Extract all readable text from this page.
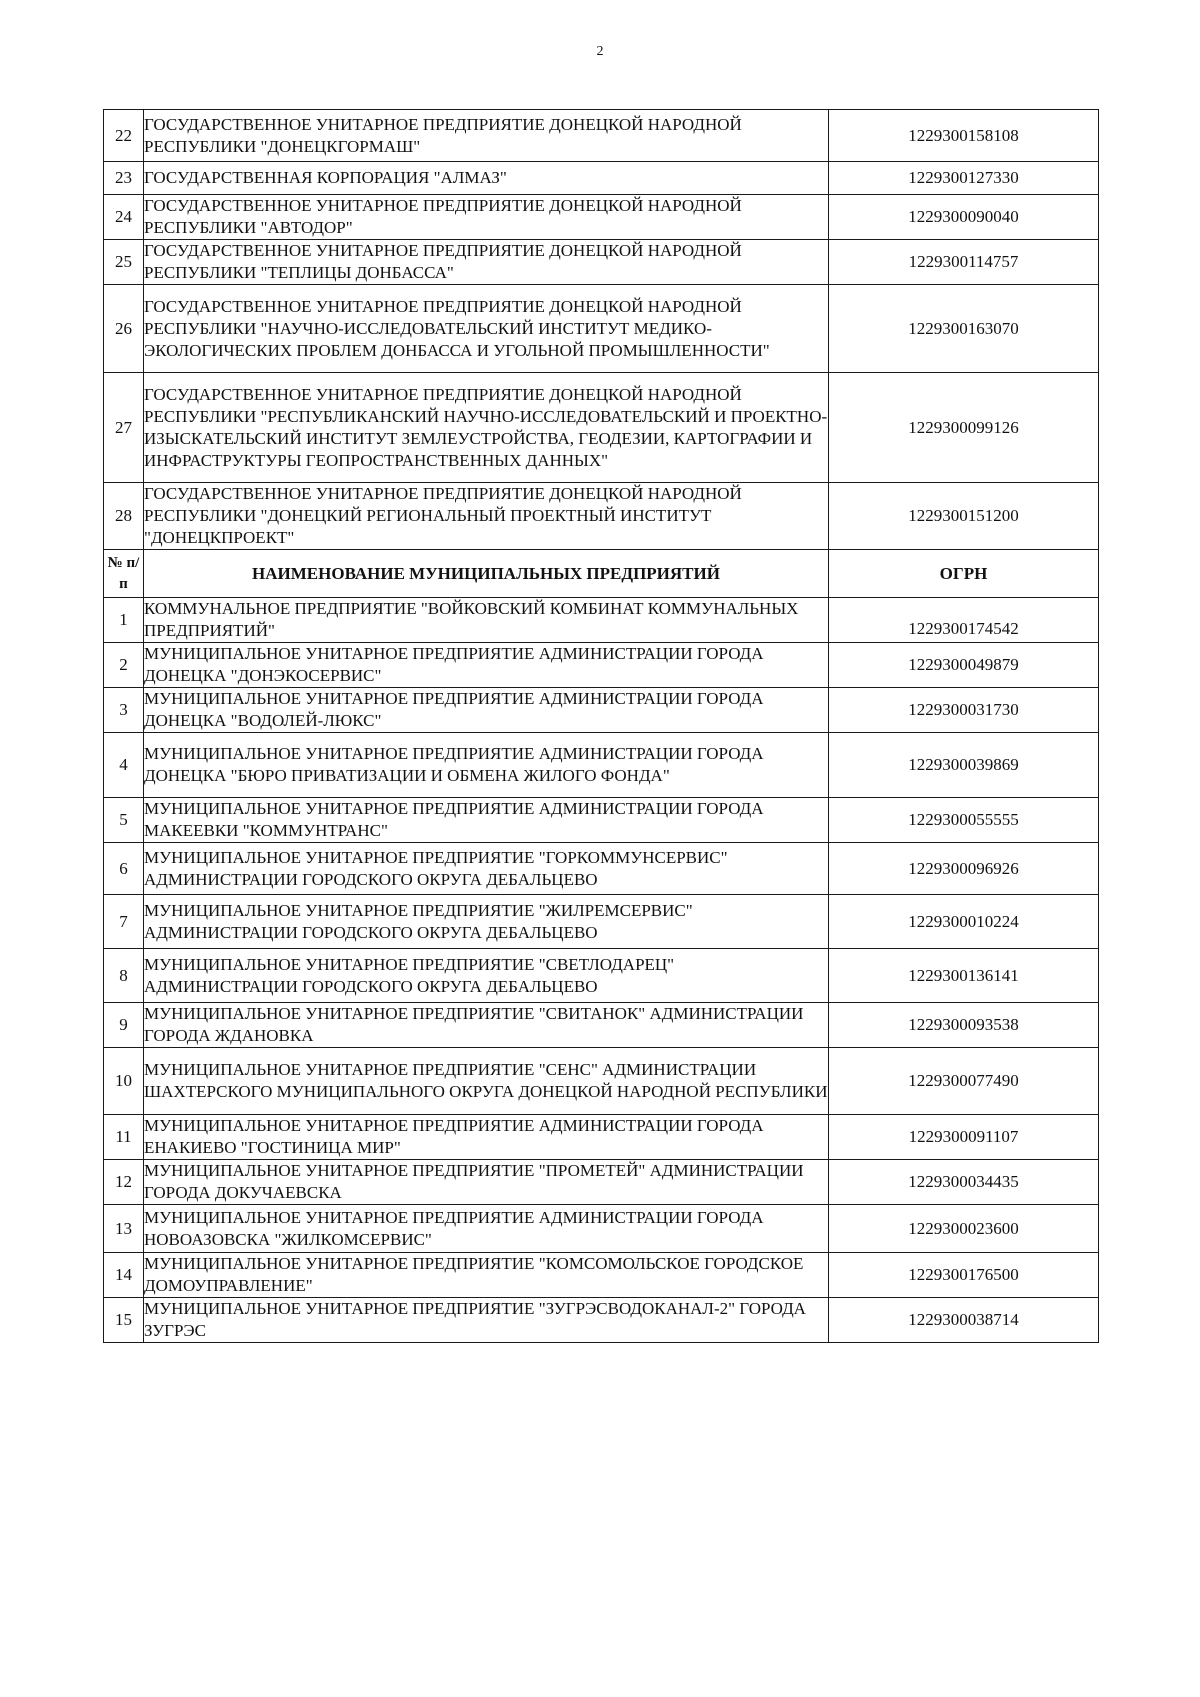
2
22	ГОСУДАРСТВЕННОЕ УНИТАРНОЕ ПРЕДПРИЯТИЕ ДОНЕЦКОЙ НАРОДНОЙ РЕСПУБЛИКИ "ДОНЕЦКГОРМАШ"	1229300158108
23	ГОСУДАРСТВЕННАЯ КОРПОРАЦИЯ "АЛМАЗ"	1229300127330
24	ГОСУДАРСТВЕННОЕ УНИТАРНОЕ ПРЕДПРИЯТИЕ ДОНЕЦКОЙ НАРОДНОЙ РЕСПУБЛИКИ "АВТОДОР"	1229300090040
25	ГОСУДАРСТВЕННОЕ УНИТАРНОЕ ПРЕДПРИЯТИЕ ДОНЕЦКОЙ НАРОДНОЙ РЕСПУБЛИКИ "ТЕПЛИЦЫ ДОНБАССА"	1229300114757
26	ГОСУДАРСТВЕННОЕ УНИТАРНОЕ ПРЕДПРИЯТИЕ ДОНЕЦКОЙ НАРОДНОЙ РЕСПУБЛИКИ "НАУЧНО-ИССЛЕДОВАТЕЛЬСКИЙ ИНСТИТУТ МЕДИКО-ЭКОЛОГИЧЕСКИХ ПРОБЛЕМ ДОНБАССА И УГОЛЬНОЙ ПРОМЫШЛЕННОСТИ"	1229300163070
27	ГОСУДАРСТВЕННОЕ УНИТАРНОЕ ПРЕДПРИЯТИЕ ДОНЕЦКОЙ НАРОДНОЙ РЕСПУБЛИКИ "РЕСПУБЛИКАНСКИЙ НАУЧНО-ИССЛЕДОВАТЕЛЬСКИЙ И ПРОЕКТНО-ИЗЫСКАТЕЛЬСКИЙ ИНСТИТУТ ЗЕМЛЕУСТРОЙСТВА, ГЕОДЕЗИИ, КАРТОГРАФИИ И ИНФРАСТРУКТУРЫ ГЕОПРОСТРАНСТВЕННЫХ ДАННЫХ"	1229300099126
28	ГОСУДАРСТВЕННОЕ УНИТАРНОЕ ПРЕДПРИЯТИЕ ДОНЕЦКОЙ НАРОДНОЙ РЕСПУБЛИКИ "ДОНЕЦКИЙ РЕГИОНАЛЬНЫЙ ПРОЕКТНЫЙ ИНСТИТУТ "ДОНЕЦКПРОЕКТ"	1229300151200
№ п/п	НАИМЕНОВАНИЕ МУНИЦИПАЛЬНЫХ ПРЕДПРИЯТИЙ	ОГРН
1	КОММУНАЛЬНОЕ ПРЕДПРИЯТИЕ "ВОЙКОВСКИЙ КОМБИНАТ КОММУНАЛЬНЫХ ПРЕДПРИЯТИЙ"	1229300174542
2	МУНИЦИПАЛЬНОЕ УНИТАРНОЕ ПРЕДПРИЯТИЕ АДМИНИСТРАЦИИ ГОРОДА ДОНЕЦКА "ДОНЭКОСЕРВИС"	1229300049879
3	МУНИЦИПАЛЬНОЕ УНИТАРНОЕ ПРЕДПРИЯТИЕ АДМИНИСТРАЦИИ ГОРОДА ДОНЕЦКА "ВОДОЛЕЙ-ЛЮКС"	1229300031730
4	МУНИЦИПАЛЬНОЕ УНИТАРНОЕ ПРЕДПРИЯТИЕ АДМИНИСТРАЦИИ ГОРОДА ДОНЕЦКА "БЮРО ПРИВАТИЗАЦИИ И ОБМЕНА ЖИЛОГО ФОНДА"	1229300039869
5	МУНИЦИПАЛЬНОЕ УНИТАРНОЕ ПРЕДПРИЯТИЕ АДМИНИСТРАЦИИ ГОРОДА МАКЕЕВКИ "КОММУНТРАНС"	1229300055555
6	МУНИЦИПАЛЬНОЕ УНИТАРНОЕ ПРЕДПРИЯТИЕ "ГОРКОММУНСЕРВИС" АДМИНИСТРАЦИИ ГОРОДСКОГО ОКРУГА ДЕБАЛЬЦЕВО	1229300096926
7	МУНИЦИПАЛЬНОЕ УНИТАРНОЕ ПРЕДПРИЯТИЕ "ЖИЛРЕМСЕРВИС" АДМИНИСТРАЦИИ ГОРОДСКОГО ОКРУГА ДЕБАЛЬЦЕВО	1229300010224
8	МУНИЦИПАЛЬНОЕ УНИТАРНОЕ ПРЕДПРИЯТИЕ "СВЕТЛОДАРЕЦ" АДМИНИСТРАЦИИ ГОРОДСКОГО ОКРУГА ДЕБАЛЬЦЕВО	1229300136141
9	МУНИЦИПАЛЬНОЕ УНИТАРНОЕ ПРЕДПРИЯТИЕ "СВИТАНОК" АДМИНИСТРАЦИИ ГОРОДА ЖДАНОВКА	1229300093538
10	МУНИЦИПАЛЬНОЕ УНИТАРНОЕ ПРЕДПРИЯТИЕ "СЕНС" АДМИНИСТРАЦИИ ШАХТЕРСКОГО МУНИЦИПАЛЬНОГО ОКРУГА ДОНЕЦКОЙ НАРОДНОЙ РЕСПУБЛИКИ	1229300077490
11	МУНИЦИПАЛЬНОЕ УНИТАРНОЕ ПРЕДПРИЯТИЕ АДМИНИСТРАЦИИ ГОРОДА ЕНАКИЕВО "ГОСТИНИЦА МИР"	1229300091107
12	МУНИЦИПАЛЬНОЕ УНИТАРНОЕ ПРЕДПРИЯТИЕ "ПРОМЕТЕЙ" АДМИНИСТРАЦИИ ГОРОДА ДОКУЧАЕВСКА	1229300034435
13	МУНИЦИПАЛЬНОЕ УНИТАРНОЕ ПРЕДПРИЯТИЕ АДМИНИСТРАЦИИ ГОРОДА НОВОАЗОВСКА "ЖИЛКОМСЕРВИС"	1229300023600
14	МУНИЦИПАЛЬНОЕ УНИТАРНОЕ ПРЕДПРИЯТИЕ "КОМСОМОЛЬСКОЕ ГОРОДСКОЕ ДОМОУПРАВЛЕНИЕ"	1229300176500
15	МУНИЦИПАЛЬНОЕ УНИТАРНОЕ ПРЕДПРИЯТИЕ "ЗУГРЭСВОДОКАНАЛ-2" ГОРОДА ЗУГРЭС	1229300038714
